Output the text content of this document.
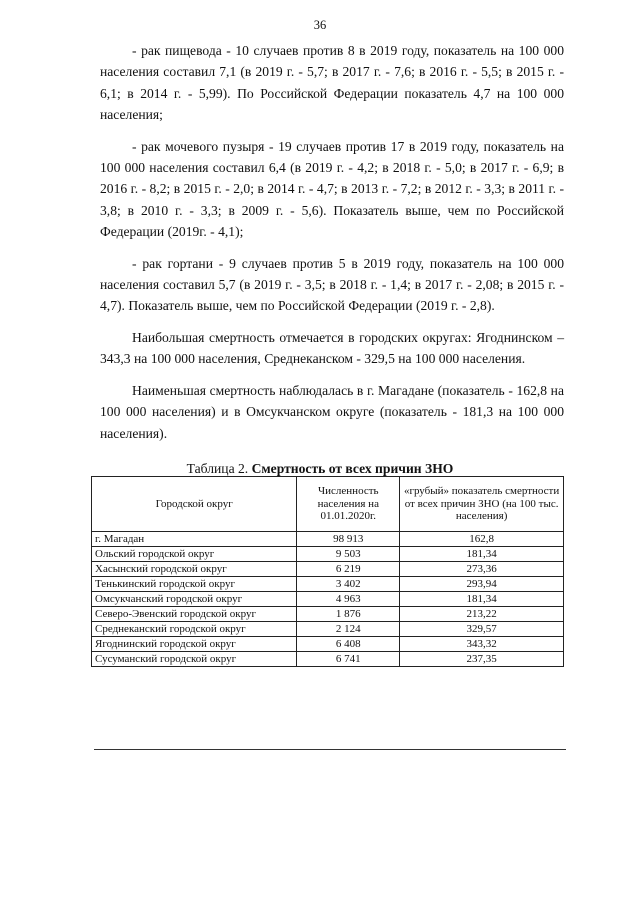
36

- рак пищевода - 10 случаев против 8 в 2019 году, показатель на 100 000 населения составил 7,1 (в 2019 г. - 5,7; в 2017 г. - 7,6; в 2016 г. - 5,5; в 2015 г. - 6,1; в 2014 г. - 5,99). По Российской Федерации показатель 4,7 на 100 000 населения;

- рак мочевого пузыря - 19 случаев против 17 в 2019 году, показатель на 100 000 населения составил 6,4 (в 2019 г. - 4,2; в 2018 г. - 5,0; в 2017 г. - 6,9; в 2016 г. - 8,2; в 2015 г. - 2,0; в 2014 г. - 4,7; в 2013 г. - 7,2; в 2012 г. - 3,3; в 2011 г. - 3,8; в 2010 г. - 3,3; в 2009 г. - 5,6). Показатель выше, чем по Российской Федерации (2019г. - 4,1);

- рак гортани - 9 случаев против 5 в 2019 году, показатель на 100 000 населения составил 5,7 (в 2019 г. - 3,5; в 2018 г. - 1,4; в 2017 г. - 2,08; в 2015 г. - 4,7). Показатель выше, чем по Российской Федерации (2019 г. - 2,8).

Наибольшая смертность отмечается в городских округах: Ягоднинском – 343,3 на 100 000 населения, Среднеканском - 329,5 на 100 000 населения.

Наименьшая смертность наблюдалась в г. Магадане (показатель - 162,8 на 100 000 населения) и в Омсукчанском округе (показатель - 181,3 на 100 000 населения).

Таблица 2. Смертность от всех причин ЗНО
Городской округ	Численность населения на 01.01.2020г.	«грубый» показатель смертности от всех причин ЗНО (на 100 тыс. населения)
г. Магадан	98 913	162,8
Ольский городской округ	9 503	181,34
Хасынский городской округ	6 219	273,36
Тенькинский городской округ	3 402	293,94
Омсукчанский городской округ	4 963	181,34
Северо-Эвенский городской округ	1 876	213,22
Среднеканский городской округ	2 124	329,57
Ягоднинский городской округ	6 408	343,32
Сусуманский городской округ	6 741	237,35
